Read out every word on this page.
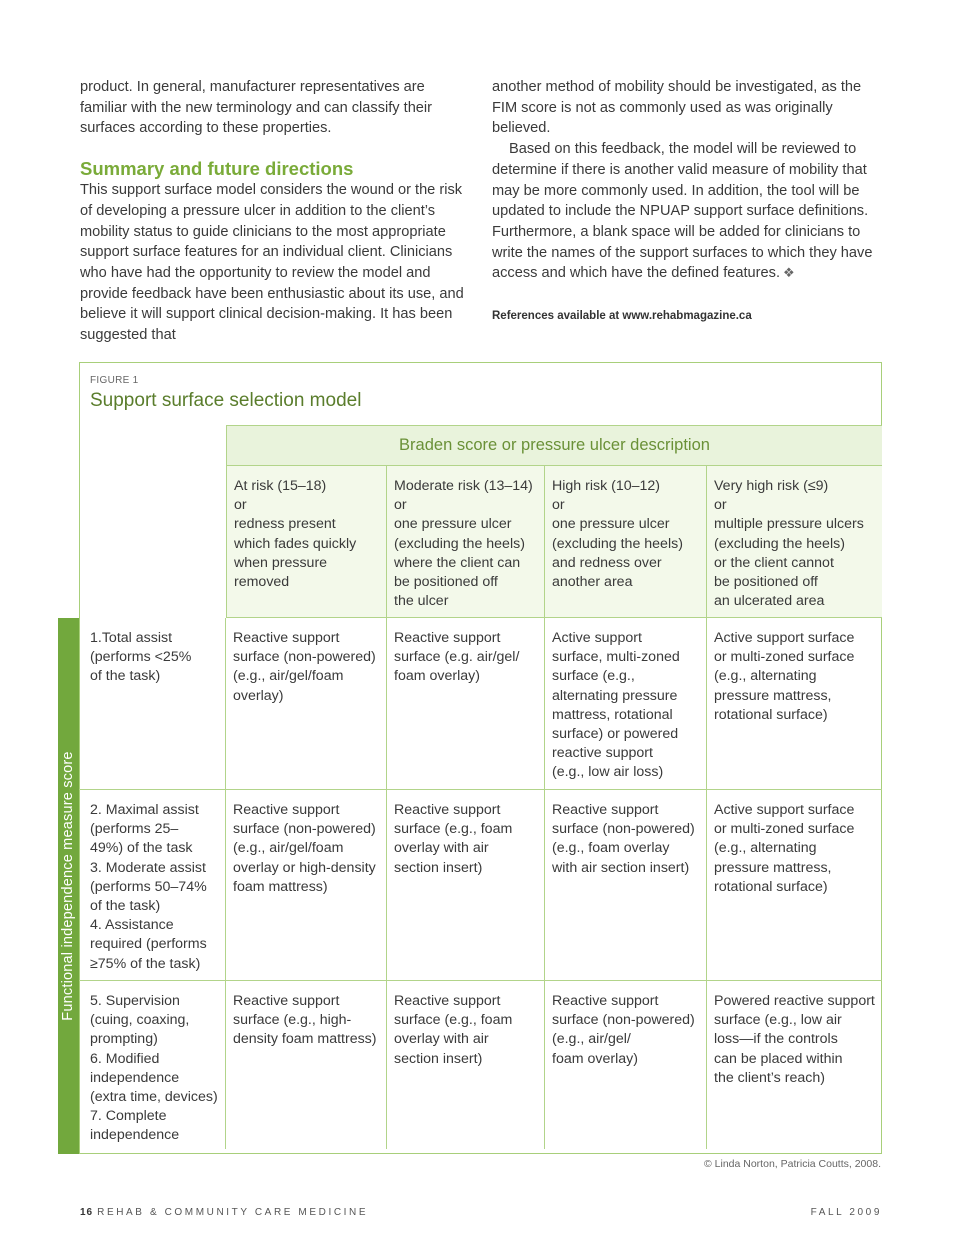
product. In general, manufacturer representatives are familiar with the new terminology and can classify their surfaces according to these properties.

Summary and future directions

This support surface model considers the wound or the risk of developing a pressure ulcer in addition to the client’s mobility status to guide clinicians to the most appropriate support surface features for an individual client. Clinicians who have had the opportunity to review the model and provide feedback have been enthusiastic about its use, and believe it will support clinical decision-making. It has been suggested that

another method of mobility should be investigated, as the FIM score is not as commonly used as was originally believed.

Based on this feedback, the model will be reviewed to determine if there is another valid measure of mobility that may be more commonly used. In addition, the tool will be updated to include the NPUAP support surface definitions. Furthermore, a blank space will be added for clinicians to write the names of the support surfaces to which they have access and which have the defined features. ❖

References available at www.rehabmagazine.ca

FIGURE 1
Support surface selection model
Functional independence measure score
Braden score or pressure ulcer description
At risk (15–18)
or
redness present
which fades quickly
when pressure
removed
Moderate risk (13–14)
or
one pressure ulcer
(excluding the heels)
where the client can
be positioned off
the ulcer
High risk (10–12)
or
one pressure ulcer
(excluding the heels)
and redness over
another area
Very high risk (≤9)
or
multiple pressure ulcers
(excluding the heels)
or the client cannot
be positioned off
an ulcerated area
1.Total assist
(performs <25%
of the task)
Reactive support
surface (non-powered)
(e.g., air/gel/foam
overlay)
Reactive support
surface (e.g. air/gel/
foam overlay)
Active support
surface, multi-zoned
surface (e.g.,
alternating pressure
mattress, rotational
surface) or powered
reactive support
(e.g., low air loss)
Active support surface
or multi-zoned surface
(e.g., alternating
pressure mattress,
rotational surface)
2. Maximal assist
(performs 25–
49%) of the task
3. Moderate assist
(performs 50–74%
of the task)
4. Assistance
required (performs
≥75% of the task)
Reactive support
surface (non-powered)
(e.g., air/gel/foam
overlay or high-density
foam mattress)
Reactive support
surface (e.g., foam
overlay with air
section insert)
Reactive support
surface (non-powered)
(e.g., foam overlay
with air section insert)
Active support surface
or multi-zoned surface
(e.g., alternating
pressure mattress,
rotational surface)
5. Supervision
(cuing, coaxing,
prompting)
6. Modified
independence
(extra time, devices)
7. Complete
independence
Reactive support
surface (e.g., high-
density foam mattress)
Reactive support
surface (e.g., foam
overlay with air
section insert)
Reactive support
surface (non-powered)
(e.g., air/gel/
foam overlay)
Powered reactive support
surface (e.g., low air
loss—if the controls
can be placed within
the client’s reach)
© Linda Norton, Patricia Coutts, 2008.
16 REHAB & COMMUNITY CARE MEDICINE	FALL 2009
